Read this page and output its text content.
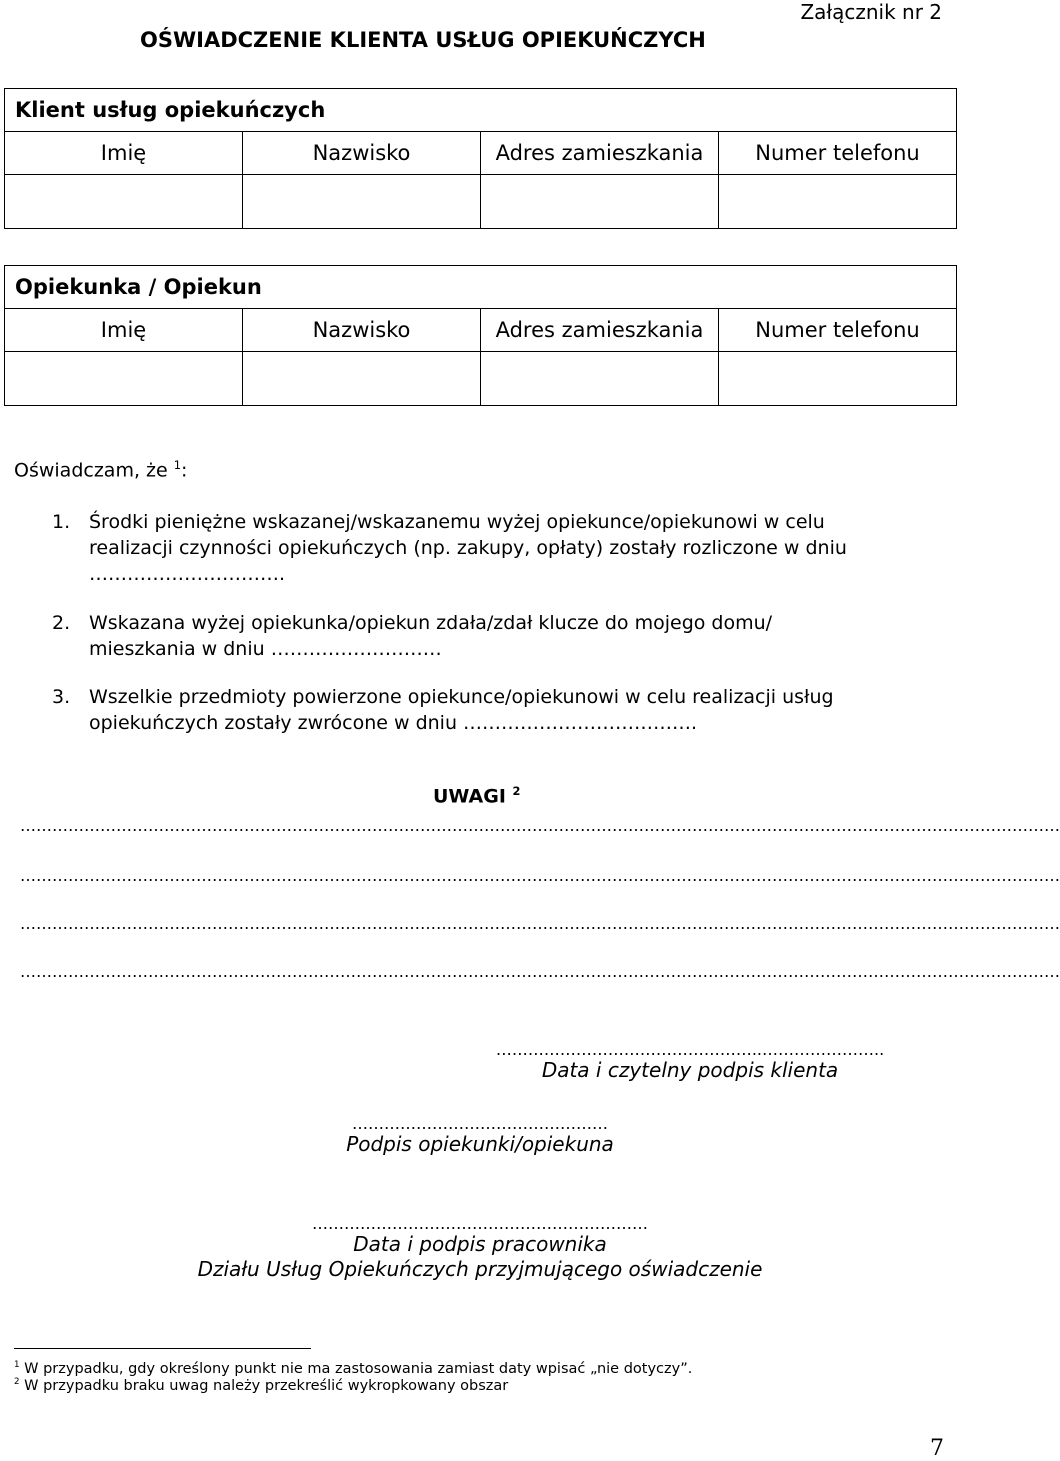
Załącznik nr 2
OŚWIADCZENIE KLIENTA USŁUG OPIEKUŃCZYCH
Klient usług opiekuńczych			
Imię	Nazwisko	Adres zamieszkania	Numer telefonu

Opiekunka / Opiekun			
Imię	Nazwisko	Adres zamieszkania	Numer telefonu

Oświadczam, że $^1$:
1. Środki pieniężne wskazanej/wskazanemu wyżej opiekunce/opiekunowi w celu
realizacji czynności opiekuńczych (np. zakupy, opłaty) zostały rozliczone w dniu
………………………….
2. Wskazana wyżej opiekunka/opiekun zdała/zdał klucze do mojego domu/
mieszkania w dniu ………………………
3. Wszelkie przedmioty powierzone opiekunce/opiekunowi w celu realizacji usług
opiekuńczych zostały zwrócone w dniu ……………………………….
UWAGI $^2$
……………………………………………………………………………………………………………………………………………………………………………
……………………………………………………………………………………………………………………………………………………………………………
……………………………………………………………………………………………………………………………………………………………………………
……………………………………………………………………………………………………………………………………………………………………………
…………………………………………..…………………..
Data i czytelny podpis klienta
…………………………………………
Podpis opiekunki/opiekuna
………………………………………………………
Data i podpis pracownika
Działu Usług Opiekuńczych przyjmującego oświadczenie
$^1$ W przypadku, gdy określony punkt nie ma zastosowania zamiast daty wpisać „nie dotyczy”.
$^2$ W przypadku braku uwag należy przekreślić wykropkowany obszar
7
